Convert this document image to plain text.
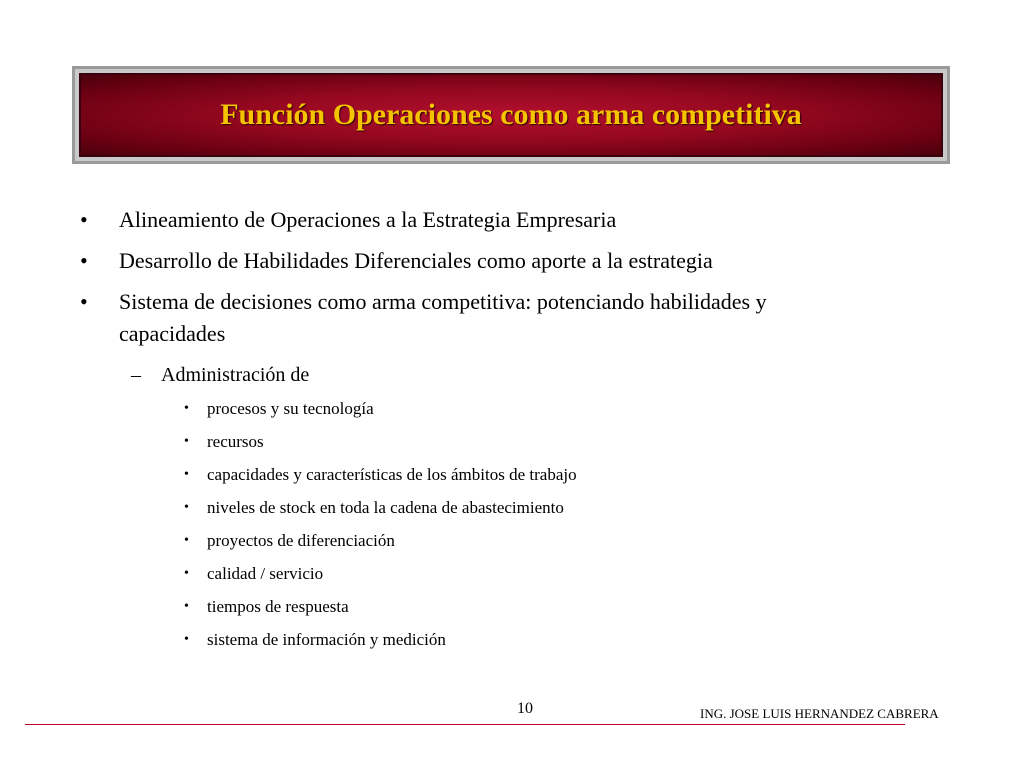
Función Operaciones como arma competitiva
• Alineamiento de Operaciones a la Estrategia Empresaria
• Desarrollo de Habilidades Diferenciales como aporte a la estrategia
• Sistema de decisiones como arma competitiva: potenciando habilidades y capacidades
– Administración de
• procesos y su tecnología
• recursos
• capacidades y características de los ámbitos de trabajo
• niveles de stock en toda la cadena de abastecimiento
• proyectos de diferenciación
• calidad / servicio
• tiempos de respuesta
• sistema de información y medición
10	ING. JOSE LUIS HERNANDEZ CABRERA
